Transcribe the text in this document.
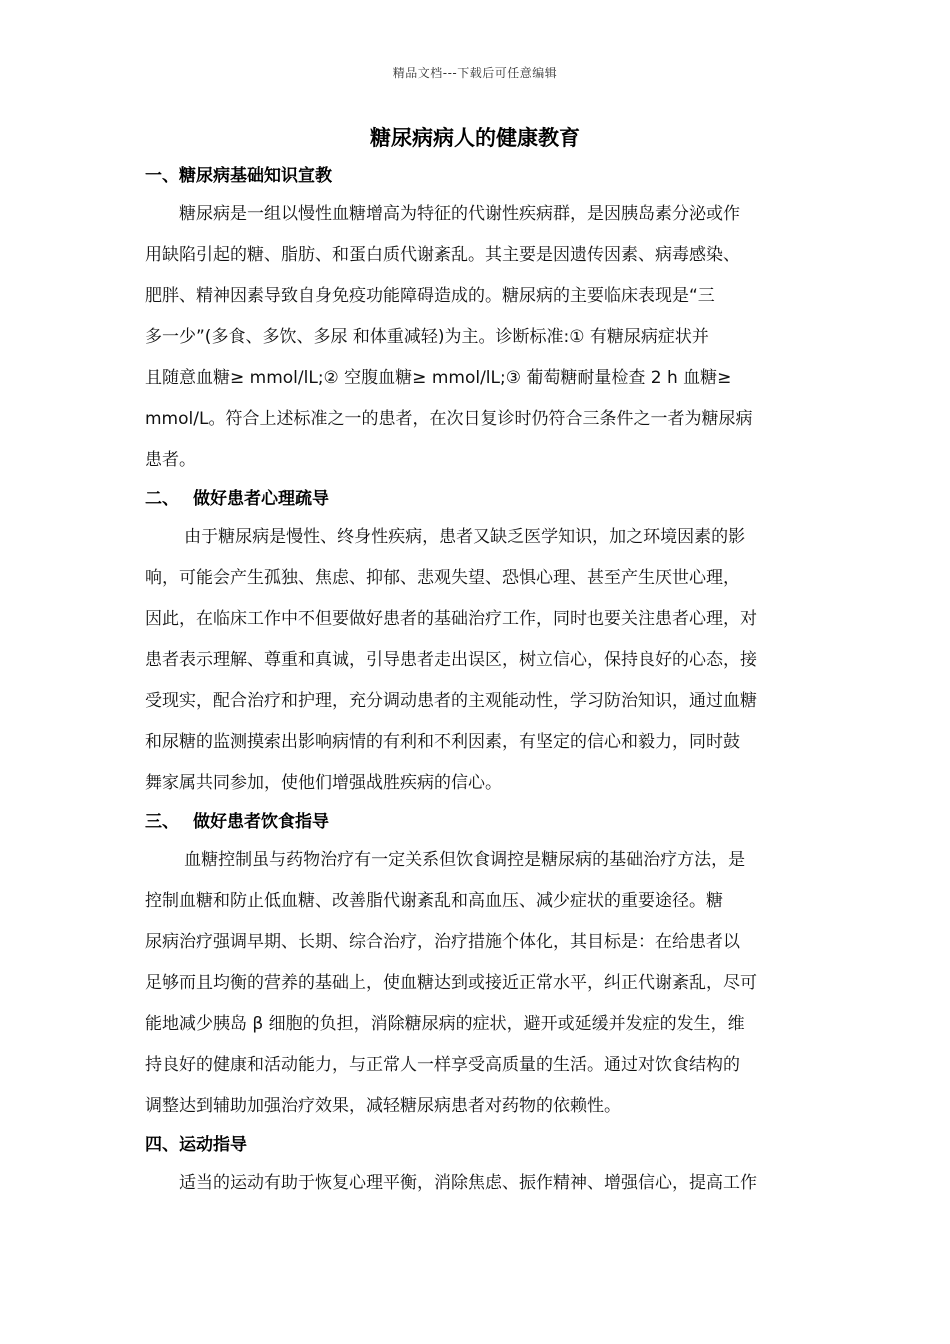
精品文档---下载后可任意编辑
糖尿病病人的健康教育
一、糖尿病基础知识宣教

糖尿病是一组以慢性血糖增高为特征的代谢性疾病群，是因胰岛素分泌或作
用缺陷引起的糖、脂肪、和蛋白质代谢紊乱。其主要是因遗传因素、病毒感染、
肥胖、精神因素导致自身免疫功能障碍造成的。糖尿病的主要临床表现是“三
多一少”(多食、多饮、多尿 和体重减轻)为主。诊断标准:① 有糖尿病症状并
且随意血糖≥ mmol/lL;② 空腹血糖≥ mmol/lL;③ 葡萄糖耐量检查 2 h 血糖≥
mmol/L。符合上述标准之一的患者，在次日复诊时仍符合三条件之一者为糖尿病
患者。

二、 做好患者心理疏导

由于糖尿病是慢性、终身性疾病，患者又缺乏医学知识，加之环境因素的影
响，可能会产生孤独、焦虑、抑郁、悲观失望、恐惧心理、甚至产生厌世心理，
因此，在临床工作中不但要做好患者的基础治疗工作，同时也要关注患者心理，对
患者表示理解、尊重和真诚，引导患者走出误区，树立信心，保持良好的心态，接
受现实，配合治疗和护理，充分调动患者的主观能动性，学习防治知识，通过血糖
和尿糖的监测摸索出影响病情的有利和不利因素，有坚定的信心和毅力，同时鼓
舞家属共同参加，使他们增强战胜疾病的信心。

三、 做好患者饮食指导

血糖控制虽与药物治疗有一定关系但饮食调控是糖尿病的基础治疗方法，是
控制血糖和防止低血糖、改善脂代谢紊乱和高血压、减少症状的重要途径。糖
尿病治疗强调早期、长期、综合治疗，治疗措施个体化，其目标是：在给患者以
足够而且均衡的营养的基础上，使血糖达到或接近正常水平，纠正代谢紊乱，尽可
能地减少胰岛 β 细胞的负担，消除糖尿病的症状，避开或延缓并发症的发生，维
持良好的健康和活动能力，与正常人一样享受高质量的生活。通过对饮食结构的
调整达到辅助加强治疗效果，减轻糖尿病患者对药物的依赖性。

四、运动指导

适当的运动有助于恢复心理平衡，消除焦虑、振作精神、增强信心，提高工作
